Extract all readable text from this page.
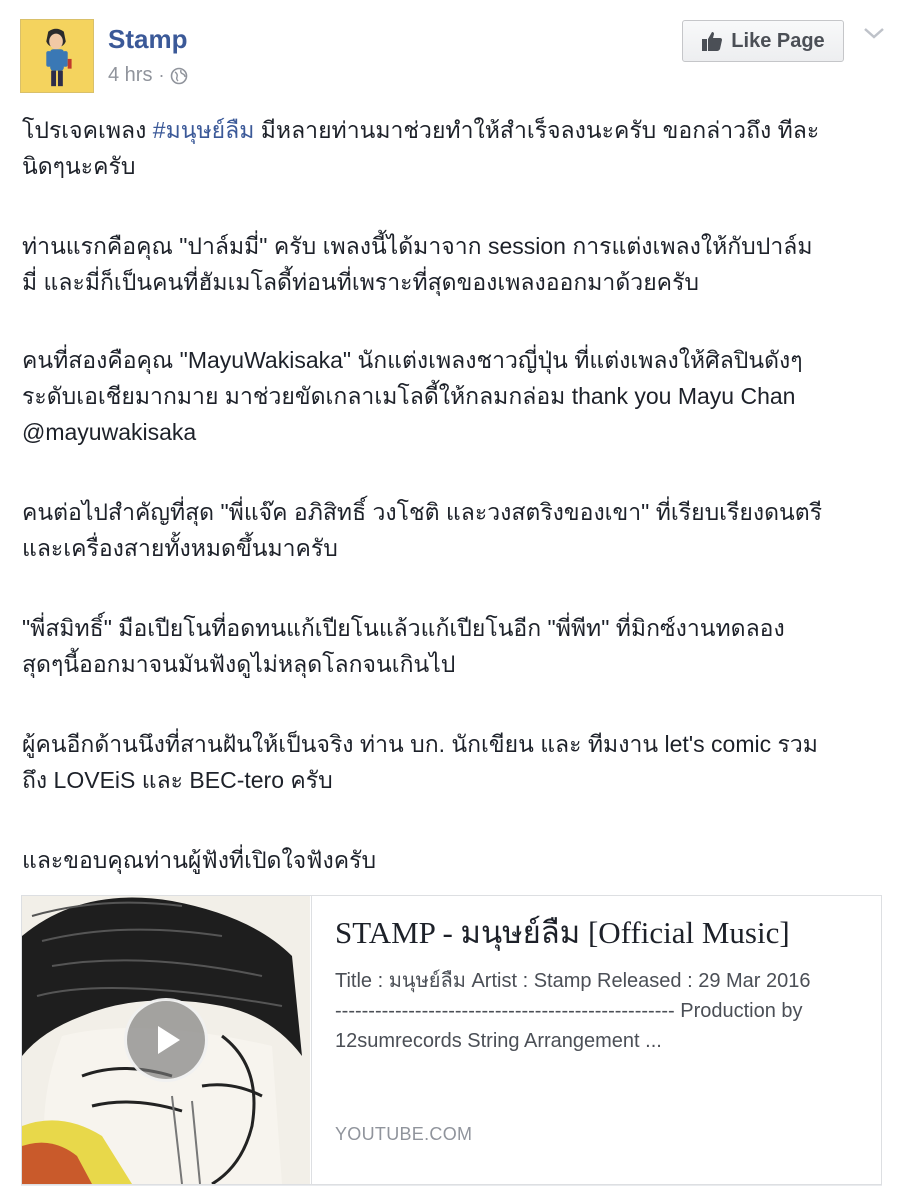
Stamp
4 hrs ·
Like Page
โปรเจคเพลง #มนุษย์ลืม มีหลายท่านมาช่วยทำให้สำเร็จลงนะครับ ขอกล่าวถึง ทีละ
นิดๆนะครับ
ท่านแรกคือคุณ "ปาล์มมี่" ครับ เพลงนี้ได้มาจาก session การแต่งเพลงให้กับปาล์ม
มี่ และมี่ก็เป็นคนที่ฮัมเมโลดี้ท่อนที่เพราะที่สุดของเพลงออกมาด้วยครับ
คนที่สองคือคุณ "MayuWakisaka" นักแต่งเพลงชาวญี่ปุ่น ที่แต่งเพลงให้ศิลปินดังๆ
ระดับเอเชียมากมาย มาช่วยขัดเกลาเมโลดี้ให้กลมกล่อม thank you Mayu Chan
@mayuwakisaka
คนต่อไปสำคัญที่สุด "พี่แจ๊ค อภิสิทธิ์ วงโชติ และวงสตริงของเขา" ที่เรียบเรียงดนตรี
และเครื่องสายทั้งหมดขึ้นมาครับ
"พี่สมิทธิ์" มือเปียโนที่อดทนแก้เปียโนแล้วแก้เปียโนอีก "พี่พีท" ที่มิกซ์งานทดลอง
สุดๆนี้ออกมาจนมันฟังดูไม่หลุดโลกจนเกินไป
ผู้คนอีกด้านนึงที่สานฝันให้เป็นจริง ท่าน บก. นักเขียน และ ทีมงาน let's comic รวม
ถึง LOVEiS และ BEC-tero ครับ
และขอบคุณท่านผู้ฟังที่เปิดใจฟังครับ
STAMP - มนุษย์ลืม [Official Music]
Title : มนุษย์ลืม Artist : Stamp Released : 29 Mar 2016
--------------------------------------------------- Production by
12sumrecords String Arrangement ...
YOUTUBE.COM
